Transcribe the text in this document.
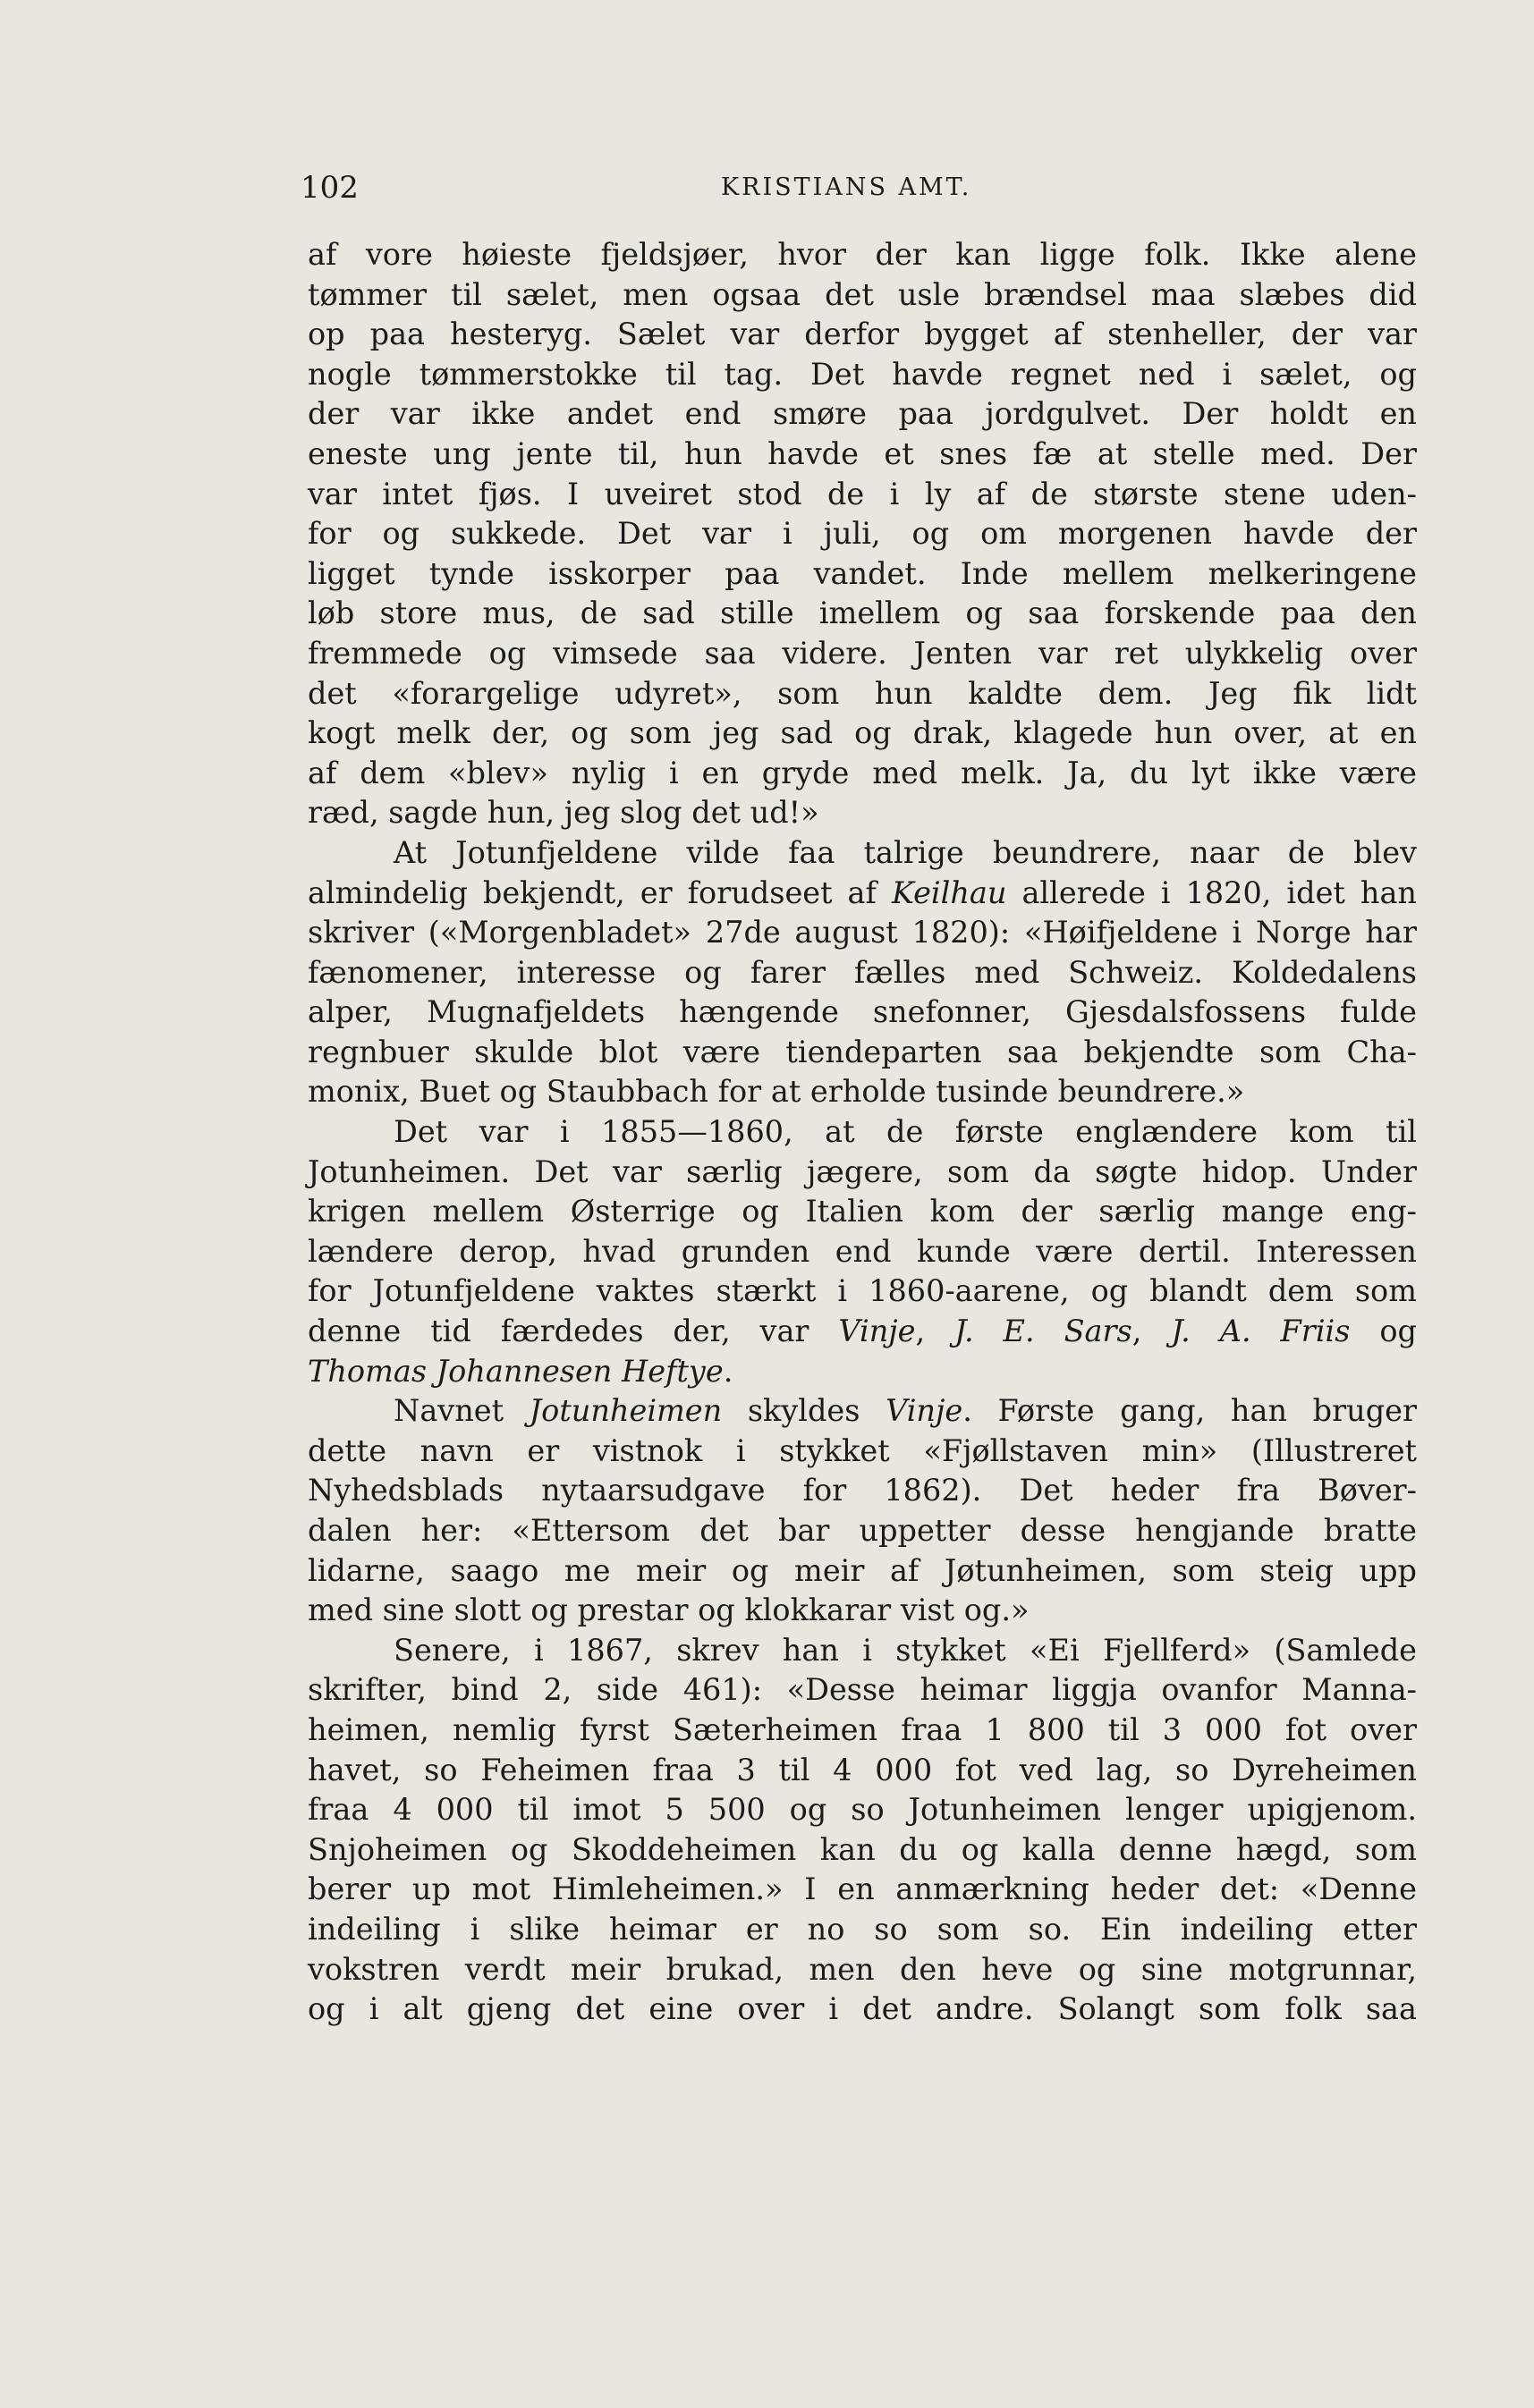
102	KRISTIANS AMT.
af vore høieste fjeldsjøer, hvor der kan ligge folk. Ikke alene
tømmer til sælet, men ogsaa det usle brændsel maa slæbes did
op paa hesteryg. Sælet var derfor bygget af stenheller, der var
nogle tømmerstokke til tag. Det havde regnet ned i sælet, og
der var ikke andet end smøre paa jordgulvet. Der holdt en
eneste ung jente til, hun havde et snes fæ at stelle med. Der
var intet fjøs. I uveiret stod de i ly af de største stene uden-
for og sukkede. Det var i juli, og om morgenen havde der
ligget tynde isskorper paa vandet. Inde mellem melkeringene
løb store mus, de sad stille imellem og saa forskende paa den
fremmede og vimsede saa videre. Jenten var ret ulykkelig over
det «forargelige udyret», som hun kaldte dem. Jeg fik lidt
kogt melk der, og som jeg sad og drak, klagede hun over, at en
af dem «blev» nylig i en gryde med melk. Ja, du lyt ikke være
ræd, sagde hun, jeg slog det ud!»
At Jotunfjeldene vilde faa talrige beundrere, naar de blev
almindelig bekjendt, er forudseet af Keilhau allerede i 1820, idet han
skriver («Morgenbladet» 27de august 1820): «Høifjeldene i Norge har
fænomener, interesse og farer fælles med Schweiz. Koldedalens
alper, Mugnafjeldets hængende snefonner, Gjesdalsfossens fulde
regnbuer skulde blot være tiendeparten saa bekjendte som Cha-
monix, Buet og Staubbach for at erholde tusinde beundrere.»
Det var i 1855—1860, at de første englændere kom til
Jotunheimen. Det var særlig jægere, som da søgte hidop. Under
krigen mellem Østerrige og Italien kom der særlig mange eng-
lændere derop, hvad grunden end kunde være dertil. Interessen
for Jotunfjeldene vaktes stærkt i 1860-aarene, og blandt dem som
denne tid færdedes der, var Vinje, J. E. Sars, J. A. Friis og
Thomas Johannesen Heftye.
Navnet Jotunheimen skyldes Vinje. Første gang, han bruger
dette navn er vistnok i stykket «Fjøllstaven min» (Illustreret
Nyhedsblads nytaarsudgave for 1862). Det heder fra Bøver-
dalen her: «Ettersom det bar uppetter desse hengjande bratte
lidarne, saago me meir og meir af Jøtunheimen, som steig upp
med sine slott og prestar og klokkarar vist og.»
Senere, i 1867, skrev han i stykket «Ei Fjellferd» (Samlede
skrifter, bind 2, side 461): «Desse heimar liggja ovanfor Manna-
heimen, nemlig fyrst Sæterheimen fraa 1 800 til 3 000 fot over
havet, so Feheimen fraa 3 til 4 000 fot ved lag, so Dyreheimen
fraa 4 000 til imot 5 500 og so Jotunheimen lenger upigjenom.
Snjoheimen og Skoddeheimen kan du og kalla denne hægd, som
berer up mot Himleheimen.» I en anmærkning heder det: «Denne
indeiling i slike heimar er no so som so. Ein indeiling etter
vokstren verdt meir brukad, men den heve og sine motgrunnar,
og i alt gjeng det eine over i det andre. Solangt som folk saa
